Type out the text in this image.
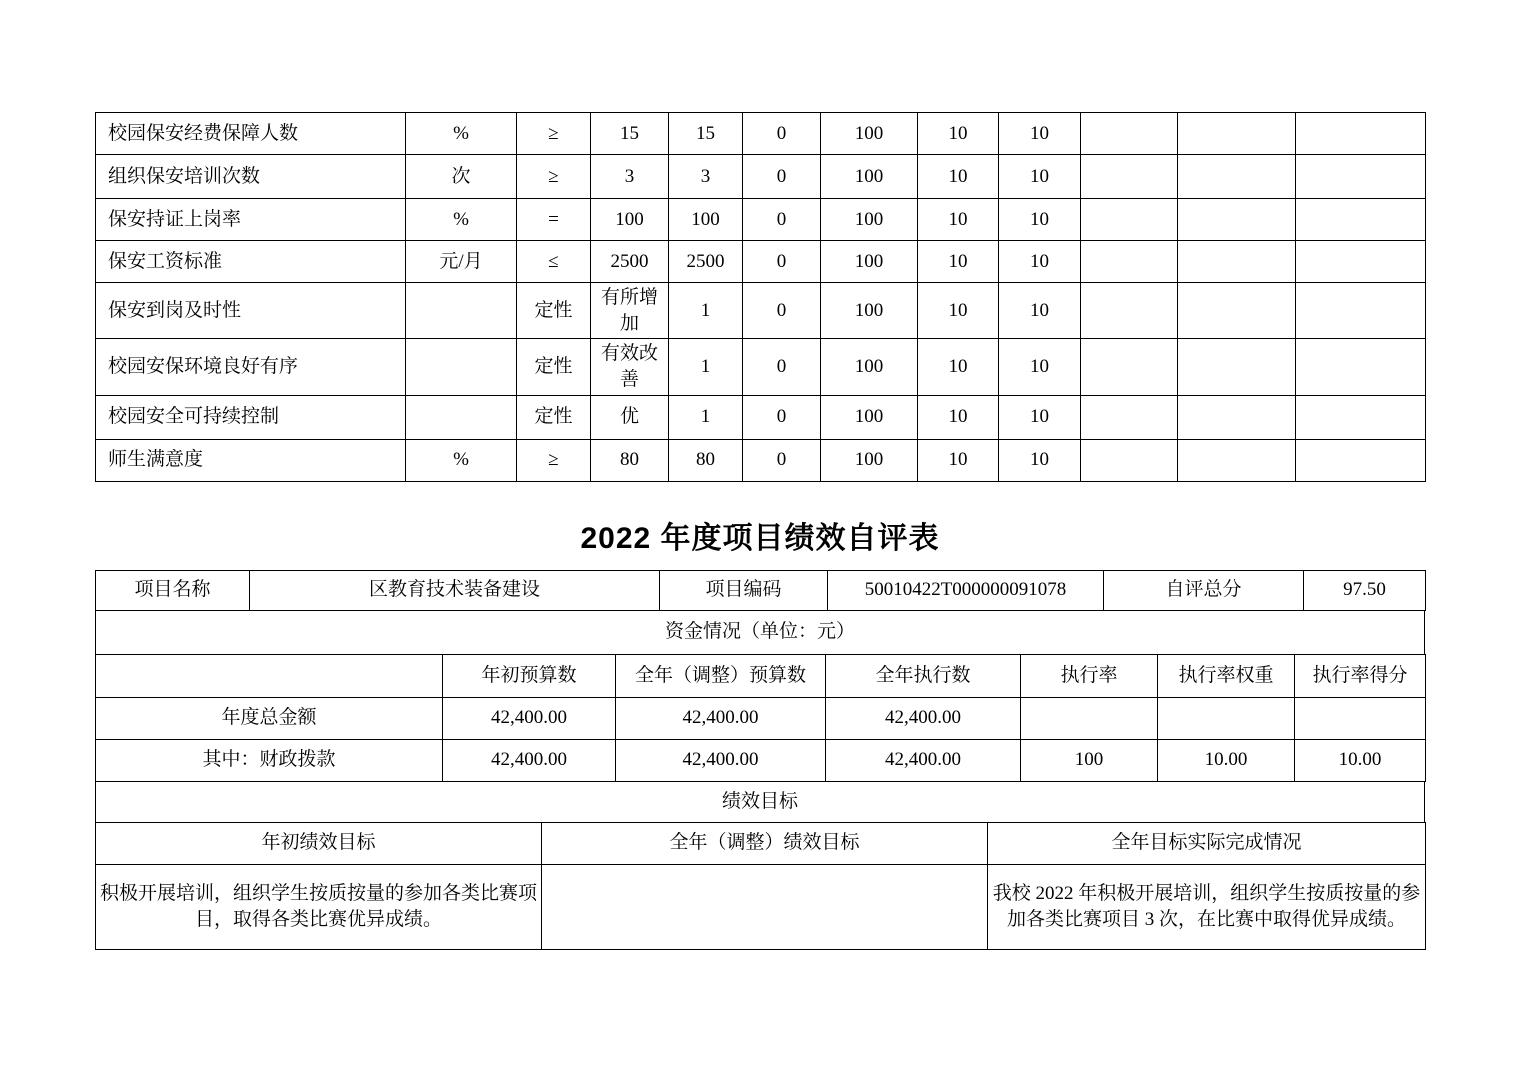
校园保安经费保障人数	%	≥	15	15	0	100	10	10			
组织保安培训次数	次	≥	3	3	0	100	10	10			
保安持证上岗率	%	=	100	100	0	100	10	10			
保安工资标准	元/月	≤	2500	2500	0	100	10	10			
保安到岗及时性		定性	有所增加	1	0	100	10	10			
校园安保环境良好有序		定性	有效改善	1	0	100	10	10			
校园安全可持续控制		定性	优	1	0	100	10	10			
师生满意度	%	≥	80	80	0	100	10	10			
2022 年度项目绩效自评表
项目名称	区教育技术装备建设	项目编码	50010422T000000091078	自评总分	97.50
资金情况（单位：元）
	年初预算数	全年（调整）预算数	全年执行数	执行率	执行率权重	执行率得分
年度总金额	42,400.00	42,400.00	42,400.00			
其中：财政拨款	42,400.00	42,400.00	42,400.00	100	10.00	10.00
绩效目标
年初绩效目标	全年（调整）绩效目标	全年目标实际完成情况
积极开展培训，组织学生按质按量的参加各类比赛项目，取得各类比赛优异成绩。		我校 2022 年积极开展培训，组织学生按质按量的参加各类比赛项目 3 次，在比赛中取得优异成绩。
